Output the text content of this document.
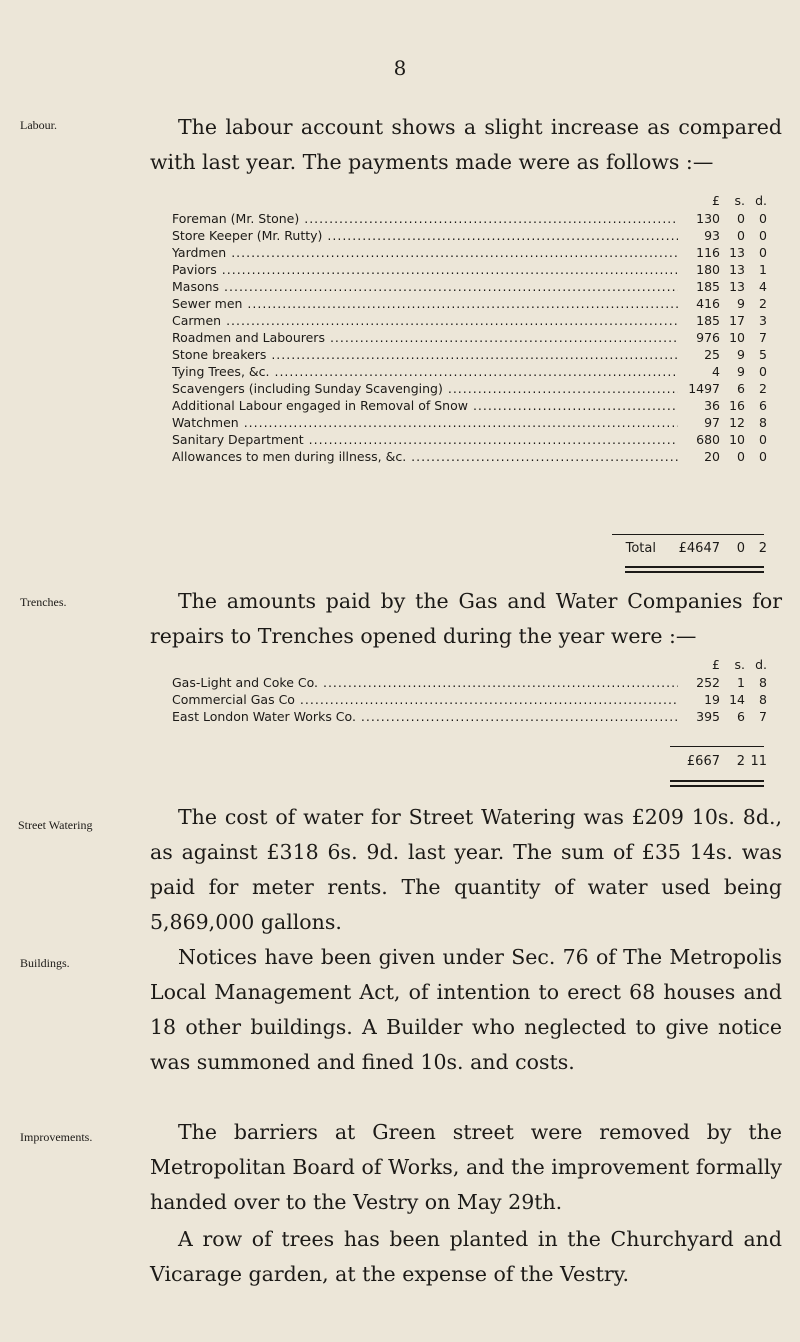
8
Labour.	The labour account shows a slight increase as compared with last year. The payments made were as follows :—
£	s. d.
Foreman (Mr. Stone) .....	130	0	0
Store Keeper (Mr. Rutty) .....	93	0	0
Yardmen .....	116 13	0
Paviors .....	180 13	1
Masons .....	185 13	4
Sewer men .....	416	9	2
Carmen .....	185 17	3
Roadmen and Labourers .....	976 10	7
Stone breakers .....	25	9	5
Tying Trees, &c. .....	4	9	0
Scavengers (including Sunday Scavenging) .....	1497	6	2
Additional Labour engaged in Removal of Snow .....	36 16	6
Watchmen .....	97 12	8
Sanitary Department .....	680 10	0
Allowances to men during illness, &c. .....	20	0	0
Total	£4647	0	2
Trenches.	The amounts paid by the Gas and Water Companies for repairs to Trenches opened during the year were :—
£	s. d.
Gas-Light and Coke Co. .....	252	1	8
Commercial Gas Co .....	19 14	8
East London Water Works Co. .....	395	6	7
£667	2 11
Street Watering	The cost of water for Street Watering was £209 10s. 8d., as against £318 6s. 9d. last year. The sum of £35 14s. was paid for meter rents. The quantity of water used being 5,869,000 gallons.
Buildings.	Notices have been given under Sec. 76 of The Metropolis Local Management Act, of intention to erect 68 houses and 18 other buildings. A Builder who neglected to give notice was summoned and fined 10s. and costs.
Improvements.	The barriers at Green street were removed by the Metropolitan Board of Works, and the improvement formally handed over to the Vestry on May 29th.
A row of trees has been planted in the Churchyard and Vicarage garden, at the expense of the Vestry.
